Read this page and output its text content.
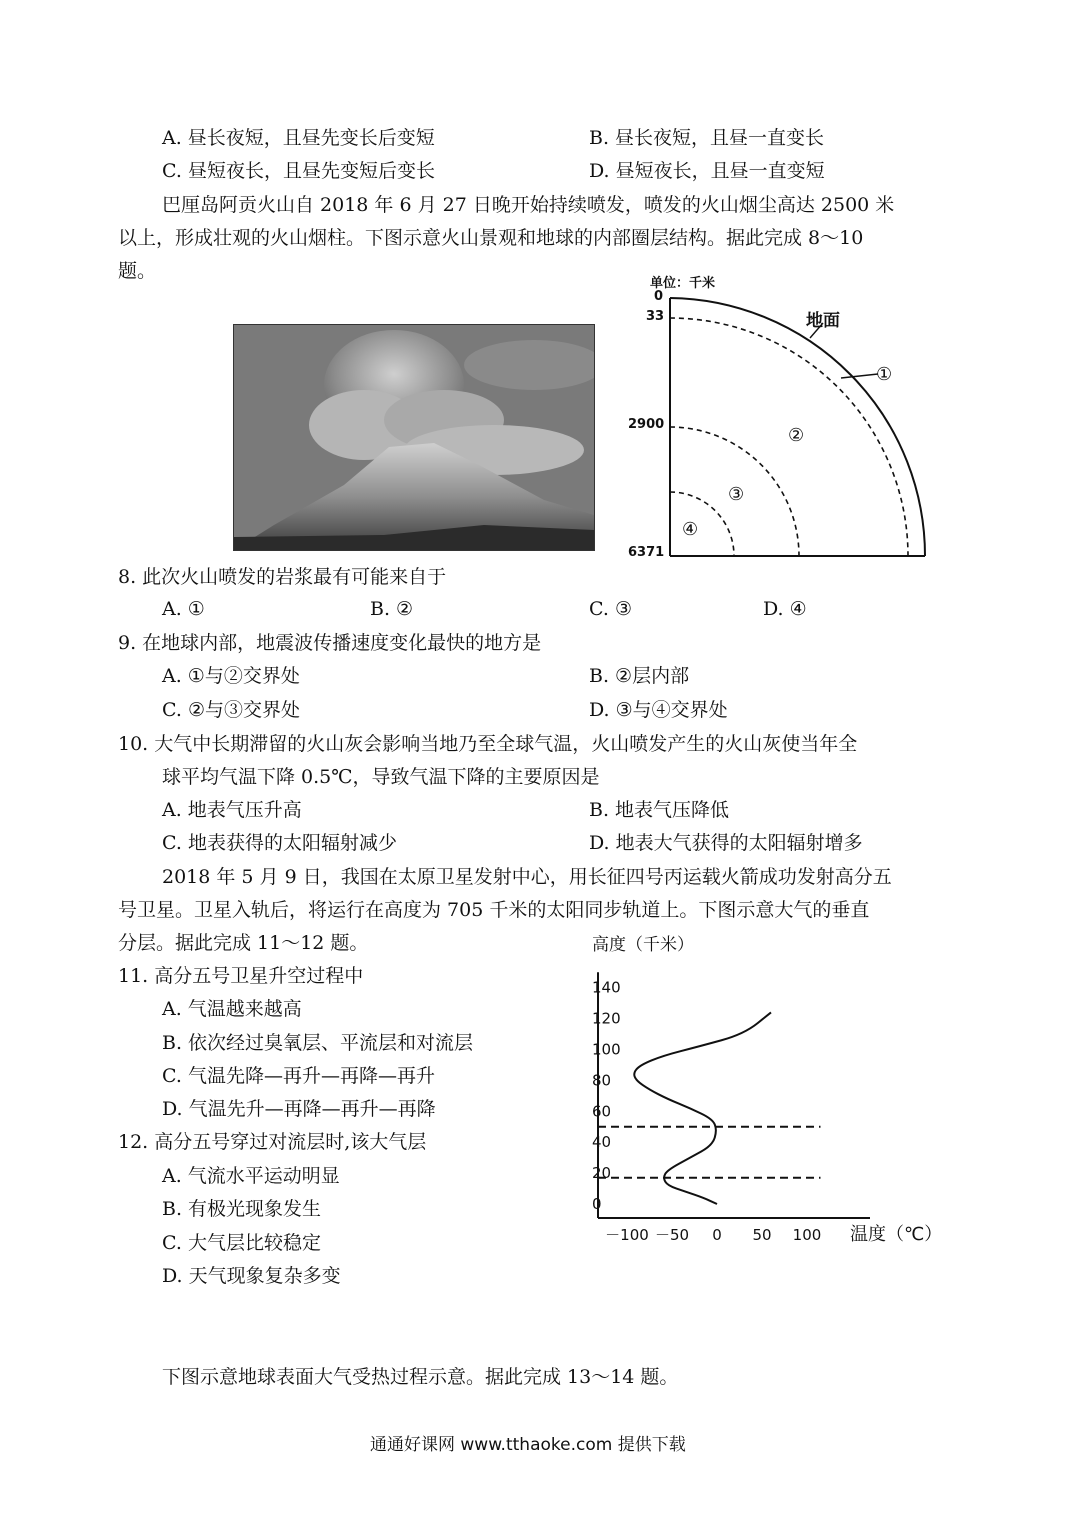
A. 昼长夜短，且昼先变长后变短	B. 昼长夜短，且昼一直变长
C. 昼短夜长，且昼先变短后变长	D. 昼短夜长，且昼一直变短
巴厘岛阿贡火山自 2018 年 6 月 27 日晚开始持续喷发，喷发的火山烟尘高达 2500 米
以上，形成壮观的火山烟柱。下图示意火山景观和地球的内部圈层结构。据此完成 8～10
题。
单位：千米
0
33
2900
6371
地面
①
②
③
④
8. 此次火山喷发的岩浆最有可能来自于
A. ①	B. ②	C. ③	D. ④
9. 在地球内部，地震波传播速度变化最快的地方是
A. ①与②交界处	B. ②层内部
C. ②与③交界处	D. ③与④交界处
10. 大气中长期滞留的火山灰会影响当地乃至全球气温，火山喷发产生的火山灰使当年全
球平均气温下降 0.5℃，导致气温下降的主要原因是
A. 地表气压升高	B. 地表气压降低
C. 地表获得的太阳辐射减少	D. 地表大气获得的太阳辐射增多
2018 年 5 月 9 日，我国在太原卫星发射中心，用长征四号丙运载火箭成功发射高分五
号卫星。卫星入轨后，将运行在高度为 705 千米的太阳同步轨道上。下图示意大气的垂直
分层。据此完成 11～12 题。
11. 高分五号卫星升空过程中
A. 气温越来越高
B. 依次经过臭氧层、平流层和对流层
C. 气温先降—再升—再降—再升
D. 气温先升—再降—再升—再降
12. 高分五号穿过对流层时,该大气层
A. 气流水平运动明显
B. 有极光现象发生
C. 大气层比较稳定
D. 天气现象复杂多变
高度（千米）
温度（℃）
0
20
40
60
80
100
120
140
－100 －50 0 50 100
下图示意地球表面大气受热过程示意。据此完成 13～14 题。
通通好课网 www.tthaoke.com 提供下载
